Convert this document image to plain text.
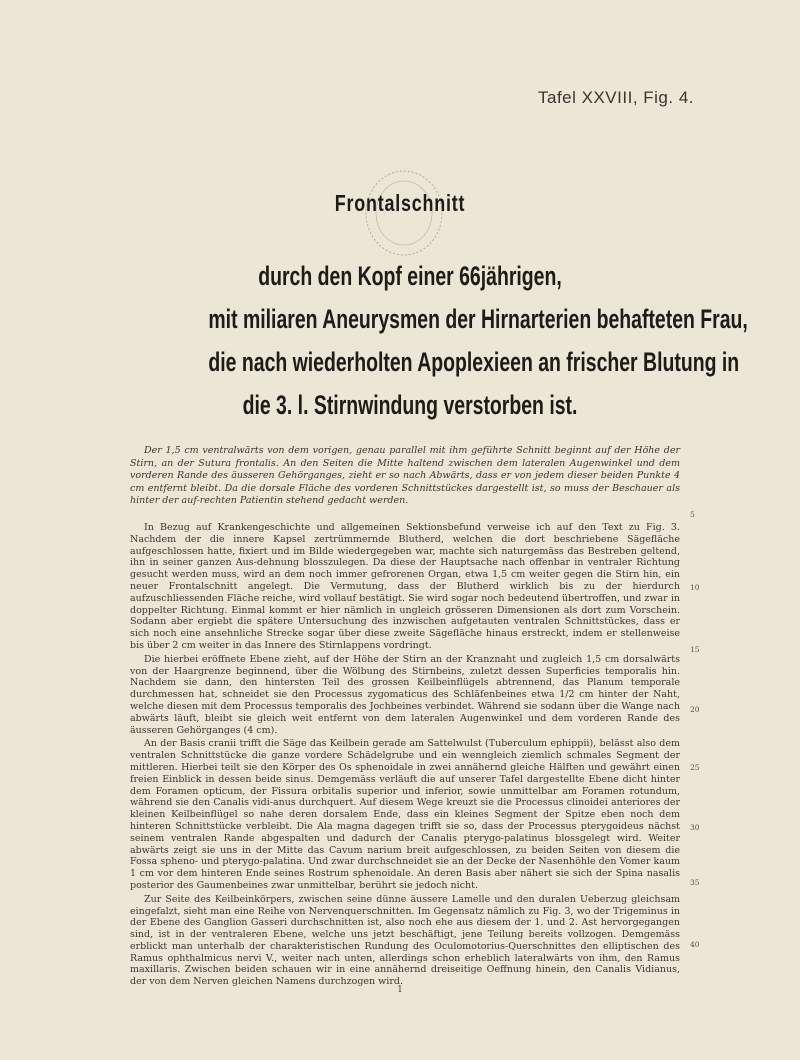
Tafel XXVIII, Fig. 4.
Frontalschnitt
durch den Kopf einer 66jährigen,
mit miliaren Aneurysmen der Hirnarterien behafteten Frau,
die nach wiederholten Apoplexieen an frischer Blutung in
die 3. l. Stirnwindung verstorben ist.

Der 1,5 cm ventralwärts von dem vorigen, genau parallel mit ihm geführte Schnitt beginnt auf der Höhe der Stirn, an der Sutura frontalis. An den Seiten die Mitte haltend zwischen dem lateralen Augenwinkel und dem vorderen Rande des äusseren Gehörganges, zieht er so nach Abwärts, dass er von jedem dieser beiden Punkte 4 cm entfernt bleibt. Da die dorsale Fläche des vorderen Schnittstückes dargestellt ist, so muss der Beschauer als hinter der auf-rechten Patientin stehend gedacht werden.

In Bezug auf Krankengeschichte und allgemeinen Sektionsbefund verweise ich auf den Text zu Fig. 3. Nachdem der die innere Kapsel zertrümmernde Blutherd, welchen die dort beschriebene Sägefläche aufgeschlossen hatte, fixiert und im Bilde wiedergegeben war, machte sich naturgemäss das Bestreben geltend, ihn in seiner ganzen Aus-dehnung blosszulegen. Da diese der Hauptsache nach offenbar in ventraler Richtung gesucht werden muss, wird an dem noch immer gefrorenen Organ, etwa 1,5 cm weiter gegen die Stirn hin, ein neuer Frontalschnitt angelegt. Die Vermutung, dass der Blutherd wirklich bis zu der hierdurch aufzuschliessenden Fläche reiche, wird vollauf bestätigt. Sie wird sogar noch bedeutend übertroffen, und zwar in doppelter Richtung. Einmal kommt er hier nämlich in ungleich grösseren Dimensionen als dort zum Vorschein. Sodann aber ergiebt die spätere Untersuchung des inzwischen aufgetauten ventralen Schnittstückes, dass er sich noch eine ansehnliche Strecke sogar über diese zweite Sägefläche hinaus erstreckt, indem er stellenweise bis über 2 cm weiter in das Innere des Stirnlappens vordringt.

Die hierbei eröffnete Ebene zieht, auf der Höhe der Stirn an der Kranznaht und zugleich 1,5 cm dorsalwärts von der Haargrenze beginnend, über die Wölbung des Stirnbeins, zuletzt dessen Superficies temporalis hin. Nachdem sie dann, den hintersten Teil des grossen Keilbeinflügels abtrennend, das Planum temporale durchmessen hat, schneidet sie den Processus zygomaticus des Schläfenbeines etwa 1/2 cm hinter der Naht, welche diesen mit dem Processus temporalis des Jochbeines verbindet. Während sie sodann über die Wange nach abwärts läuft, bleibt sie gleich weit entfernt von dem lateralen Augenwinkel und dem vorderen Rande des äusseren Gehörganges (4 cm).

An der Basis cranii trifft die Säge das Keilbein gerade am Sattelwulst (Tuberculum ephippii), belässt also dem ventralen Schnittstücke die ganze vordere Schädelgrube und ein wenngleich ziemlich schmales Segment der mittleren. Hierbei teilt sie den Körper des Os sphenoidale in zwei annähernd gleiche Hälften und gewährt einen freien Einblick in dessen beide sinus. Demgemäss verläuft die auf unserer Tafel dargestellte Ebene dicht hinter dem Foramen opticum, der Fissura orbitalis superior und inferior, sowie unmittelbar am Foramen rotundum, während sie den Canalis vidi-anus durchquert. Auf diesem Wege kreuzt sie die Processus clinoidei anteriores der kleinen Keilbeinflügel so nahe deren dorsalem Ende, dass ein kleines Segment der Spitze eben noch dem hinteren Schnittstücke verbleibt. Die Ala magna dagegen trifft sie so, dass der Processus pterygoideus nächst seinem ventralen Rande abgespalten und dadurch der Canalis pterygo-palatinus blossgelegt wird. Weiter abwärts zeigt sie uns in der Mitte das Cavum narium breit aufgeschlossen, zu beiden Seiten von diesem die Fossa spheno- und pterygo-palatina. Und zwar durchschneidet sie an der Decke der Nasenhöhle den Vomer kaum 1 cm vor dem hinteren Ende seines Rostrum sphenoidale. An deren Basis aber nähert sie sich der Spina nasalis posterior des Gaumenbeines zwar unmittelbar, berührt sie jedoch nicht.

Zur Seite des Keilbeinkörpers, zwischen seine dünne äussere Lamelle und den duralen Ueberzug gleichsam eingefalzt, sieht man eine Reihe von Nervenquerschnitten. Im Gegensatz nämlich zu Fig. 3, wo der Trigeminus in der Ebene des Ganglion Gasseri durchschnitten ist, also noch ehe aus diesem der 1. und 2. Ast hervorgegangen sind, ist in der ventraleren Ebene, welche uns jetzt beschäftigt, jene Teilung bereits vollzogen. Demgemäss erblickt man unterhalb der charakteristischen Rundung des Oculomotorius-Querschnittes den elliptischen des Ramus ophthalmicus nervi V., weiter nach unten, allerdings schon erheblich lateralwärts von ihm, den Ramus maxillaris. Zwischen beiden schauen wir in eine annähernd dreiseitige Oeffnung hinein, den Canalis Vidianus, der von dem Nerven gleichen Namens durchzogen wird.

5
10
15
20
25
30
35
40
1
